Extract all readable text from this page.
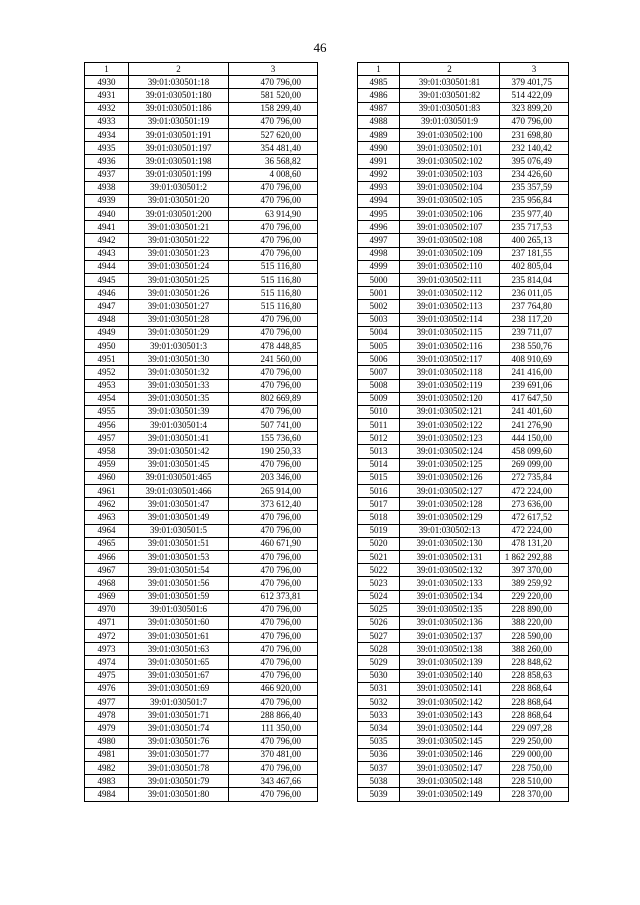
46
1	2	3
4930	39:01:030501:18	470 796,00
4931	39:01:030501:180	581 520,00
4932	39:01:030501:186	158 299,40
4933	39:01:030501:19	470 796,00
4934	39:01:030501:191	527 620,00
4935	39:01:030501:197	354 481,40
4936	39:01:030501:198	36 568,82
4937	39:01:030501:199	4 008,60
4938	39:01:030501:2	470 796,00
4939	39:01:030501:20	470 796,00
4940	39:01:030501:200	63 914,90
4941	39:01:030501:21	470 796,00
4942	39:01:030501:22	470 796,00
4943	39:01:030501:23	470 796,00
4944	39:01:030501:24	515 116,80
4945	39:01:030501:25	515 116,80
4946	39:01:030501:26	515 116,80
4947	39:01:030501:27	515 116,80
4948	39:01:030501:28	470 796,00
4949	39:01:030501:29	470 796,00
4950	39:01:030501:3	478 448,85
4951	39:01:030501:30	241 560,00
4952	39:01:030501:32	470 796,00
4953	39:01:030501:33	470 796,00
4954	39:01:030501:35	802 669,89
4955	39:01:030501:39	470 796,00
4956	39:01:030501:4	507 741,00
4957	39:01:030501:41	155 736,60
4958	39:01:030501:42	190 250,33
4959	39:01:030501:45	470 796,00
4960	39:01:030501:465	203 346,00
4961	39:01:030501:466	265 914,00
4962	39:01:030501:47	373 612,40
4963	39:01:030501:49	470 796,00
4964	39:01:030501:5	470 796,00
4965	39:01:030501:51	460 671,90
4966	39:01:030501:53	470 796,00
4967	39:01:030501:54	470 796,00
4968	39:01:030501:56	470 796,00
4969	39:01:030501:59	612 373,81
4970	39:01:030501:6	470 796,00
4971	39:01:030501:60	470 796,00
4972	39:01:030501:61	470 796,00
4973	39:01:030501:63	470 796,00
4974	39:01:030501:65	470 796,00
4975	39:01:030501:67	470 796,00
4976	39:01:030501:69	466 920,00
4977	39:01:030501:7	470 796,00
4978	39:01:030501:71	288 866,40
4979	39:01:030501:74	111 350,00
4980	39:01:030501:76	470 796,00
4981	39:01:030501:77	370 481,00
4982	39:01:030501:78	470 796,00
4983	39:01:030501:79	343 467,66
4984	39:01:030501:80	470 796,00
1	2	3
4985	39:01:030501:81	379 401,75
4986	39:01:030501:82	514 422,09
4987	39:01:030501:83	323 899,20
4988	39:01:030501:9	470 796,00
4989	39:01:030502:100	231 698,80
4990	39:01:030502:101	232 140,42
4991	39:01:030502:102	395 076,49
4992	39:01:030502:103	234 426,60
4993	39:01:030502:104	235 357,59
4994	39:01:030502:105	235 956,84
4995	39:01:030502:106	235 977,40
4996	39:01:030502:107	235 717,53
4997	39:01:030502:108	400 265,13
4998	39:01:030502:109	237 181,55
4999	39:01:030502:110	402 805,04
5000	39:01:030502:111	235 814,04
5001	39:01:030502:112	236 011,05
5002	39:01:030502:113	237 764,80
5003	39:01:030502:114	238 117,20
5004	39:01:030502:115	239 711,07
5005	39:01:030502:116	238 550,76
5006	39:01:030502:117	408 910,69
5007	39:01:030502:118	241 416,00
5008	39:01:030502:119	239 691,06
5009	39:01:030502:120	417 647,50
5010	39:01:030502:121	241 401,60
5011	39:01:030502:122	241 276,90
5012	39:01:030502:123	444 150,00
5013	39:01:030502:124	458 099,60
5014	39:01:030502:125	269 099,00
5015	39:01:030502:126	272 735,84
5016	39:01:030502:127	472 224,00
5017	39:01:030502:128	273 636,00
5018	39:01:030502:129	472 617,52
5019	39:01:030502:13	472 224,00
5020	39:01:030502:130	478 131,20
5021	39:01:030502:131	1 862 292,88
5022	39:01:030502:132	397 370,00
5023	39:01:030502:133	389 259,92
5024	39:01:030502:134	229 220,00
5025	39:01:030502:135	228 890,00
5026	39:01:030502:136	388 220,00
5027	39:01:030502:137	228 590,00
5028	39:01:030502:138	388 260,00
5029	39:01:030502:139	228 848,62
5030	39:01:030502:140	228 858,63
5031	39:01:030502:141	228 868,64
5032	39:01:030502:142	228 868,64
5033	39:01:030502:143	228 868,64
5034	39:01:030502:144	229 097,28
5035	39:01:030502:145	229 250,00
5036	39:01:030502:146	229 000,00
5037	39:01:030502:147	228 750,00
5038	39:01:030502:148	228 510,00
5039	39:01:030502:149	228 370,00
